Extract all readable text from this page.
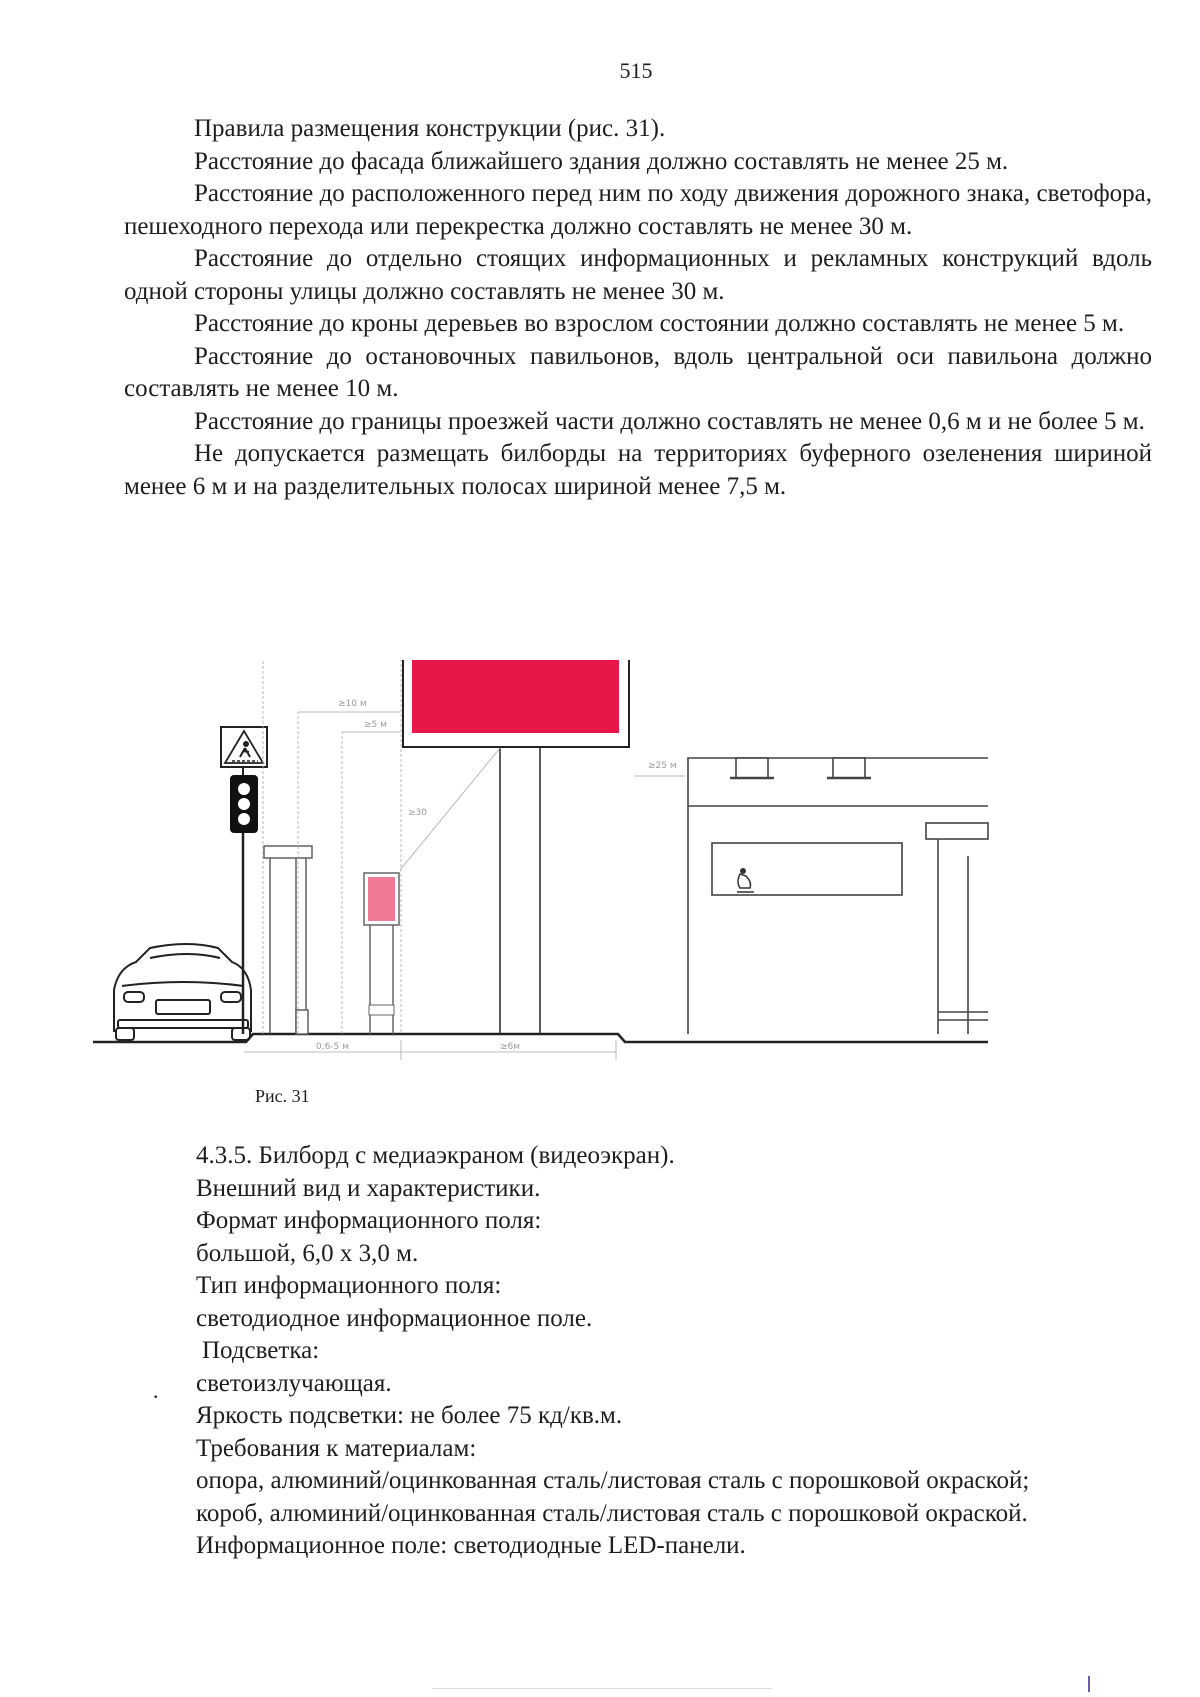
515

Правила размещения конструкции (рис. 31).

Расстояние до фасада ближайшего здания должно составлять не менее 25 м.

Расстояние до расположенного перед ним по ходу движения дорожного знака, светофора, пешеходного перехода или перекрестка должно составлять не менее 30 м.

Расстояние до отдельно стоящих информационных и рекламных конструкций вдоль одной стороны улицы должно составлять не менее 30 м.

Расстояние до кроны деревьев во взрослом состоянии должно составлять не менее 5 м.

Расстояние до остановочных павильонов, вдоль центральной оси павильона должно составлять не менее 10 м.

Расстояние до границы проезжей части должно составлять не менее 0,6 м и не более 5 м.

Не допускается размещать билборды на территориях буферного озеленения шириной менее 6 м и на разделительных полосах шириной менее 7,5 м.

≥10 м
≥5 м
≥30
≥25 м
0,6-5 м	≥6м
Рис. 31

4.3.5. Билборд с медиаэкраном (видеоэкран).

Внешний вид и характеристики.

Формат информационного поля:

большой, 6,0 х 3,0 м.

Тип информационного поля:

светодиодное информационное поле.

Подсветка:

светоизлучающая.

Яркость подсветки: не более 75 кд/кв.м.

Требования к материалам:

опора, алюминий/оцинкованная сталь/листовая сталь с порошковой окраской;

короб, алюминий/оцинкованная сталь/листовая сталь с порошковой окраской.

Информационное поле: светодиодные LED-панели.

.
